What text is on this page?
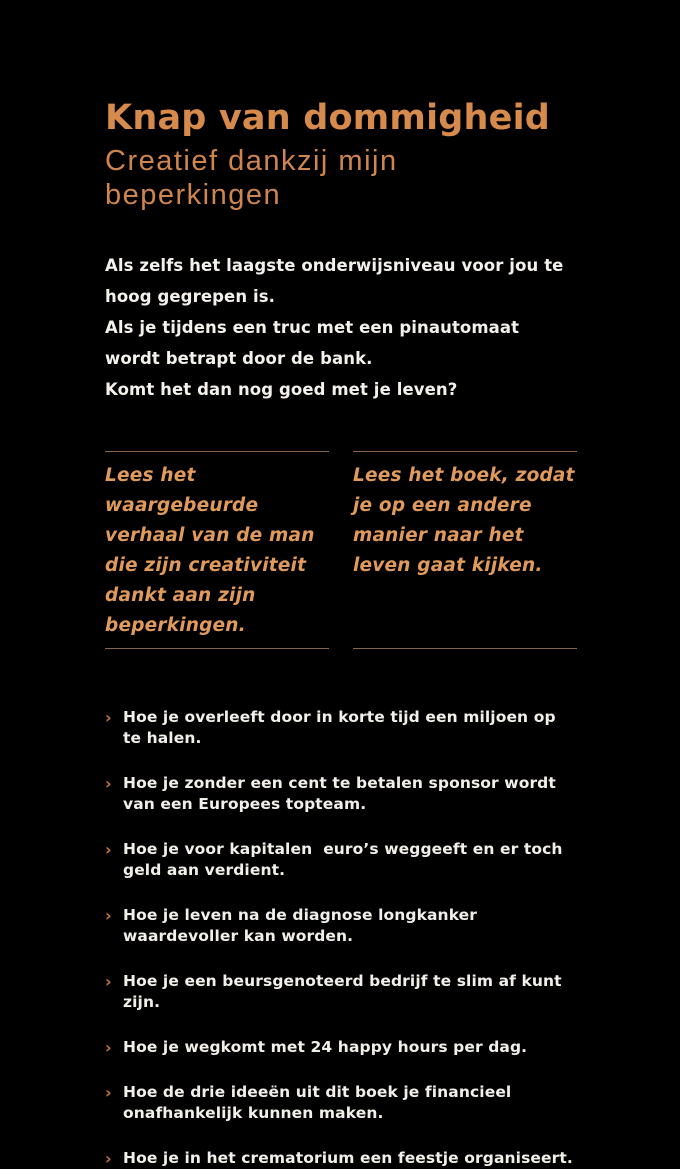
Knap van dommigheid
Creatief dankzij mijn beperkingen
Als zelfs het laagste onderwijsniveau voor jou te hoog gegrepen is.
Als je tijdens een truc met een pinautomaat wordt betrapt door de bank.
Komt het dan nog goed met je leven?
Lees het waargebeurde verhaal van de man die zijn creativiteit dankt aan zijn beperkingen.
Lees het boek, zodat je op een andere manier naar het leven gaat kijken.
› Hoe je overleeft door in korte tijd een miljoen op te halen.
› Hoe je zonder een cent te betalen sponsor wordt van een Europees topteam.
› Hoe je voor kapitalen  euro’s weggeeft en er toch geld aan verdient.
› Hoe je leven na de diagnose longkanker waardevoller kan worden.
› Hoe je een beursgenoteerd bedrijf te slim af kunt zijn.
› Hoe je wegkomt met 24 happy hours per dag.
› Hoe de drie ideeën uit dit boek je financieel  onafhankelijk kunnen maken.
› Hoe je in het crematorium een feestje organiseert.
